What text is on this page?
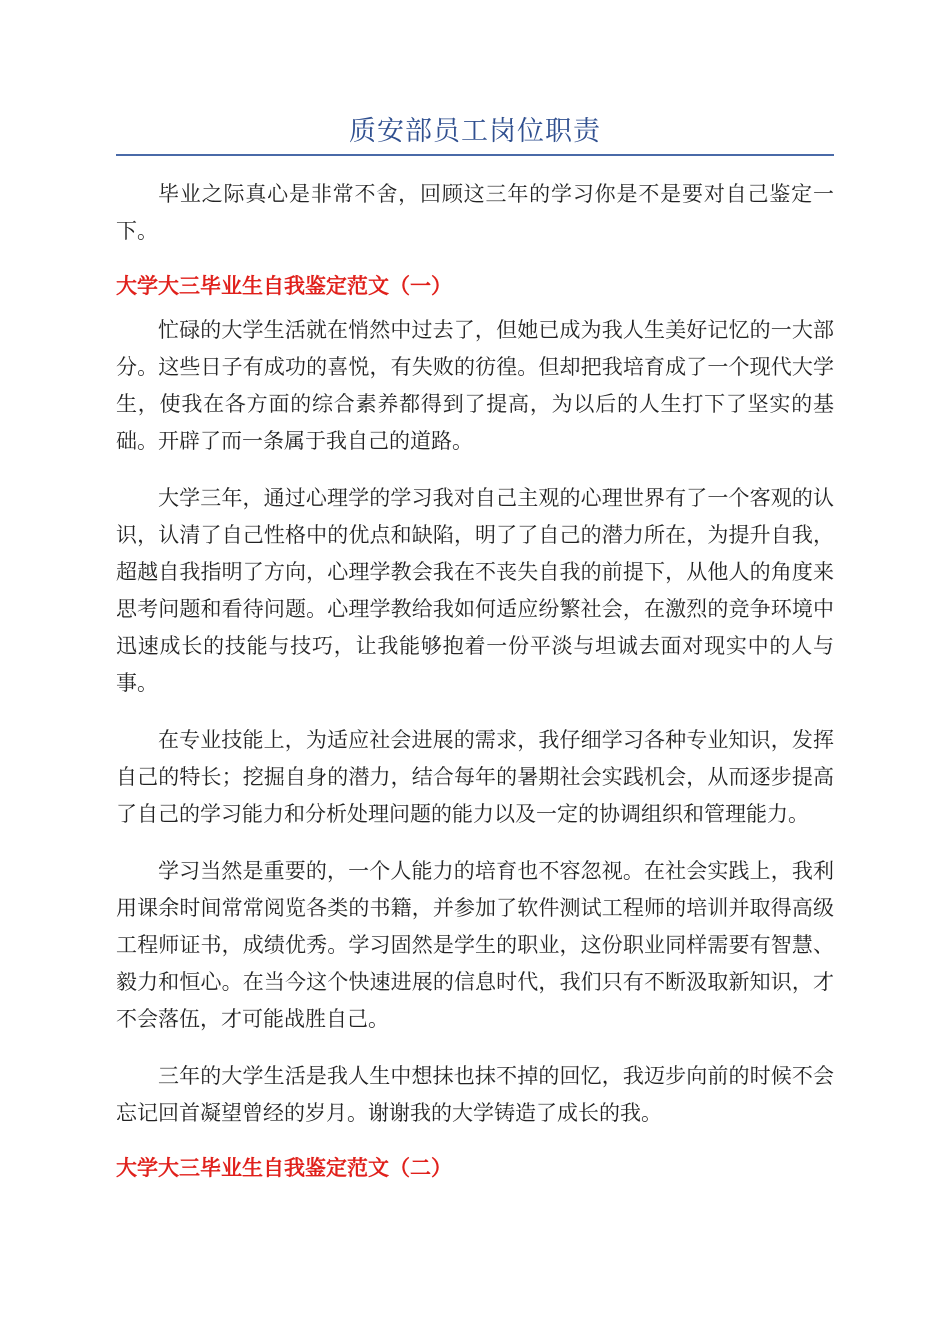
质安部员工岗位职责

毕业之际真心是非常不舍，回顾这三年的学习你是不是要对自己鉴定一下。

大学大三毕业生自我鉴定范文（一）

忙碌的大学生活就在悄然中过去了，但她已成为我人生美好记忆的一大部分。这些日子有成功的喜悦，有失败的彷徨。但却把我培育成了一个现代大学生，使我在各方面的综合素养都得到了提高，为以后的人生打下了坚实的基础。开辟了而一条属于我自己的道路。

大学三年，通过心理学的学习我对自己主观的心理世界有了一个客观的认识，认清了自己性格中的优点和缺陷，明了了自己的潜力所在，为提升自我，超越自我指明了方向，心理学教会我在不丧失自我的前提下，从他人的角度来思考问题和看待问题。心理学教给我如何适应纷繁社会，在激烈的竞争环境中迅速成长的技能与技巧，让我能够抱着一份平淡与坦诚去面对现实中的人与事。

在专业技能上，为适应社会进展的需求，我仔细学习各种专业知识，发挥自己的特长；挖掘自身的潜力，结合每年的暑期社会实践机会，从而逐步提高了自己的学习能力和分析处理问题的能力以及一定的协调组织和管理能力。

学习当然是重要的，一个人能力的培育也不容忽视。在社会实践上，我利用课余时间常常阅览各类的书籍，并参加了软件测试工程师的培训并取得高级工程师证书，成绩优秀。学习固然是学生的职业，这份职业同样需要有智慧、毅力和恒心。在当今这个快速进展的信息时代，我们只有不断汲取新知识，才不会落伍，才可能战胜自己。

三年的大学生活是我人生中想抹也抹不掉的回忆，我迈步向前的时候不会忘记回首凝望曾经的岁月。谢谢我的大学铸造了成长的我。

大学大三毕业生自我鉴定范文（二）
